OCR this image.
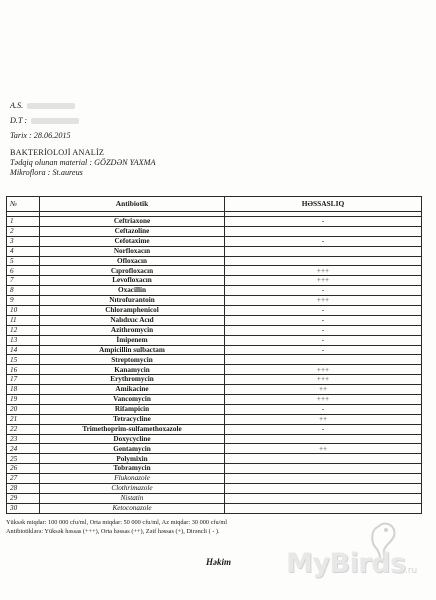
A.S.
D.T :
Tarix : 28.06.2015
BAKTERİOLOJİ ANALİZ
Tədqiq olunan material : GÖZDƏN YAXMA
Mikroflora : St.aureus
№	Antibiotik	HƏSSASLIQ

1	Ceftriaxone	-
2	Ceftazoline	
3	Cefotaxime	-
4	Norfloxacın	
5	Ofloxacın	
6	Cıprofloxacın	+++
7	Levofloxacın	+++
8	Oxacillin	-
9	Nıtrofurantoin	+++
10	Chloramphenicol	-
11	Nalıdıxıc Acıd	-
12	Azithromycin	-
13	İmipenem	-
14	Ampicillin sulbactam	-
15	Streptomycin	
16	Kanamycin	+++
17	Erythromycin	+++
18	Amikacine	++
19	Vancomycin	+++
20	Rifampicin	-
21	Tetracycline	++
22	Trimethoprim-sulfamethoxazole	-
23	Doxycycline	
24	Gentamycin	++
25	Polymixin	
26	Tobramycin	
27	Flukonazole	
28	Clothrimazole	
29	Nistatin	
30	Ketoconazole	
Yüksək miqdar: 100 000 cfu/ml, Orta miqdar: 50 000 cfu/ml, Az miqdar: 30 000 cfu/ml
Antibiotiklərə: Yüksək həssas (+++), Orta həssas (++), Zəif həssas (+), Dirəncli ( - ).
Həkim MyBirds .ru
